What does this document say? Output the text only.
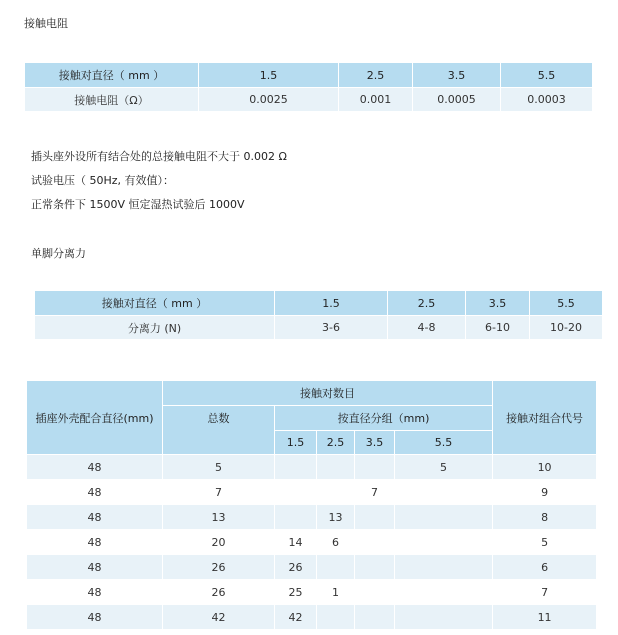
接触电阻
接触对直径（ mm ）	1.5	2.5	3.5	5.5
接触电阻（Ω）	0.0025	0.001	0.0005	0.0003
插头座外设所有结合处的总接触电阻不大于 0.002 Ω
试验电压（ 50Hz, 有效值）：
正常条件下 1500V 恒定湿热试验后 1000V
单脚分离力
接触对直径（ mm ）	1.5	2.5	3.5	5.5
分离力 (N)	3-6	4-8	6-10	10-20
插座外壳配合直径(mm)	接触对数目					接触对组合代号
	总数	按直径分组（mm)				
		1.5	2.5	3.5	5.5	
48	5				5	10
48	7			7		9
48	13		13			8
48	20	14	6			5
48	26	26				6
48	26	25	1			7
48	42	42				11
